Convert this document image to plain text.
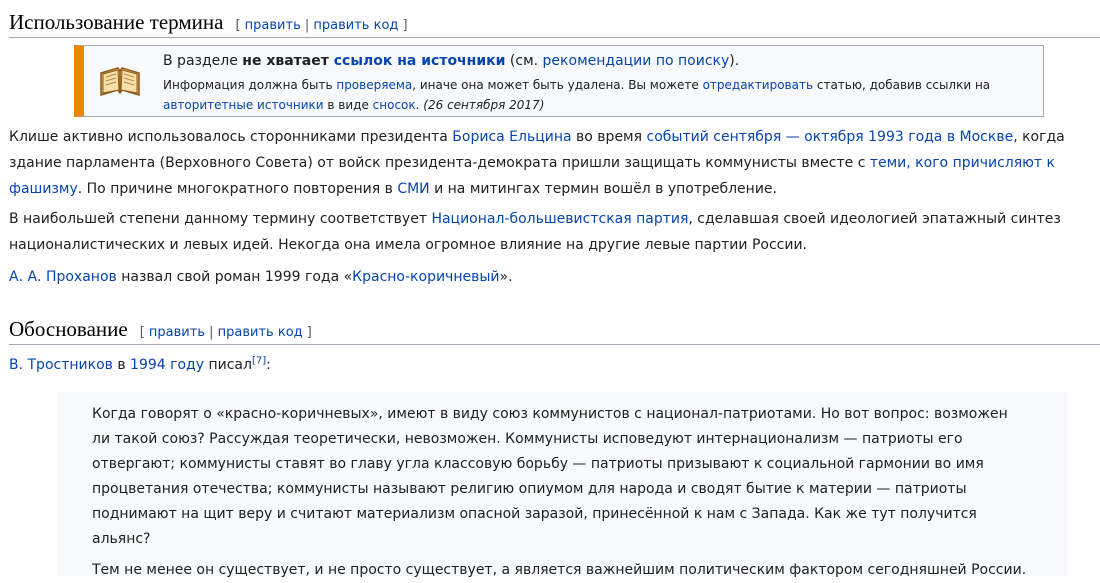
Использование термина [ править | править код ]
В разделе не хватает ссылок на источники (см. рекомендации по поиску).
Информация должна быть проверяема, иначе она может быть удалена. Вы можете отредактировать статью, добавив ссылки на авторитетные источники в виде сносок. (26 сентября 2017)

Клише активно использовалось сторонниками президента Бориса Ельцина во время событий сентября — октября 1993 года в Москве, когда здание парламента (Верховного Совета) от войск президента-демократа пришли защищать коммунисты вместе с теми, кого причисляют к фашизму. По причине многократного повторения в СМИ и на митингах термин вошёл в употребление.

В наибольшей степени данному термину соответствует Национал-большевистская партия, сделавшая своей идеологией эпатажный синтез националистических и левых идей. Некогда она имела огромное влияние на другие левые партии России.

А. А. Проханов назвал свой роман 1999 года «Красно-коричневый».

Обоснование [ править | править код ]

В. Тростников в 1994 году писал[7]:

Когда говорят о «красно-коричневых», имеют в виду союз коммунистов с национал-патриотами. Но вот вопрос: возможен ли такой союз? Рассуждая теоретически, невозможен. Коммунисты исповедуют интернационализм — патриоты его отвергают; коммунисты ставят во главу угла классовую борьбу — патриоты призывают к социальной гармонии во имя процветания отечества; коммунисты называют религию опиумом для народа и сводят бытие к материи — патриоты поднимают на щит веру и считают материализм опасной заразой, принесённой к нам с Запада. Как же тут получится альянс?

Тем не менее он существует, и не просто существует, а является важнейшим политическим фактором сегодняшней России.
